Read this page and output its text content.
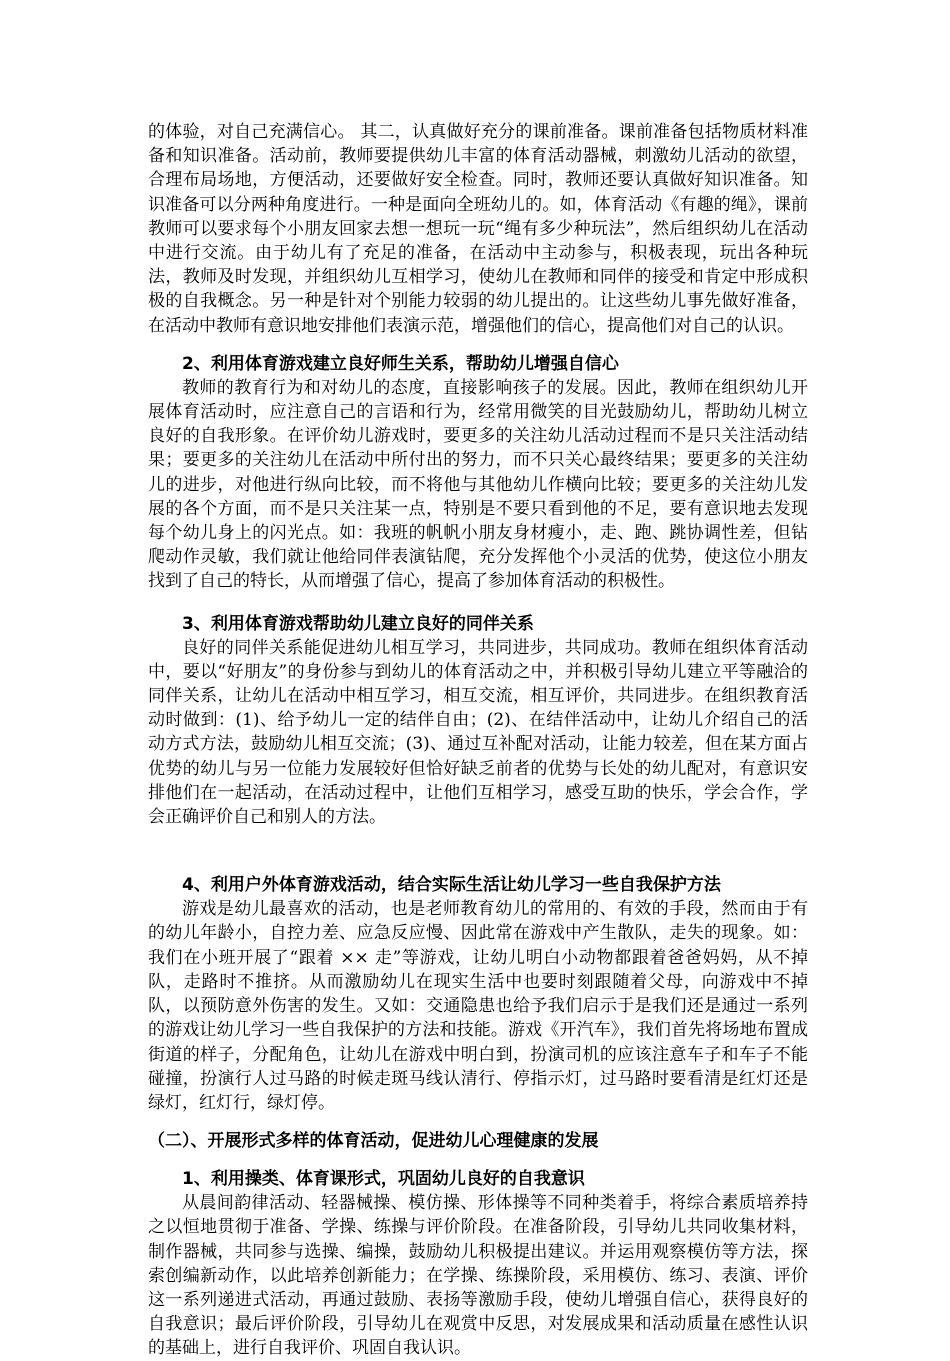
的体验，对自己充满信心。 其二，认真做好充分的课前准备。课前准备包括物质材料准备和知识准备。活动前，教师要提供幼儿丰富的体育活动器械，刺激幼儿活动的欲望，合理布局场地，方便活动，还要做好安全检查。同时，教师还要认真做好知识准备。知识准备可以分两种角度进行。一种是面向全班幼儿的。如，体育活动《有趣的绳》，课前教师可以要求每个小朋友回家去想一想玩一玩“绳有多少种玩法”，然后组织幼儿在活动中进行交流。由于幼儿有了充足的准备，在活动中主动参与，积极表现，玩出各种玩法，教师及时发现，并组织幼儿互相学习，使幼儿在教师和同伴的接受和肯定中形成积极的自我概念。另一种是针对个别能力较弱的幼儿提出的。让这些幼儿事先做好准备，在活动中教师有意识地安排他们表演示范，增强他们的信心，提高他们对自己的认识。

2、利用体育游戏建立良好师生关系，帮助幼儿增强自信心

教师的教育行为和对幼儿的态度，直接影响孩子的发展。因此，教师在组织幼儿开展体育活动时，应注意自己的言语和行为，经常用微笑的目光鼓励幼儿，帮助幼儿树立良好的自我形象。在评价幼儿游戏时，要更多的关注幼儿活动过程而不是只关注活动结果；要更多的关注幼儿在活动中所付出的努力，而不只关心最终结果；要更多的关注幼儿的进步，对他进行纵向比较，而不将他与其他幼儿作横向比较；要更多的关注幼儿发展的各个方面，而不是只关注某一点，特别是不要只看到他的不足，要有意识地去发现每个幼儿身上的闪光点。如：我班的帆帆小朋友身材瘦小，走、跑、跳协调性差，但钻爬动作灵敏，我们就让他给同伴表演钻爬，充分发挥他个小灵活的优势，使这位小朋友找到了自己的特长，从而增强了信心，提高了参加体育活动的积极性。

3、利用体育游戏帮助幼儿建立良好的同伴关系

良好的同伴关系能促进幼儿相互学习，共同进步，共同成功。教师在组织体育活动中，要以“好朋友”的身份参与到幼儿的体育活动之中，并积极引导幼儿建立平等融洽的同伴关系，让幼儿在活动中相互学习，相互交流，相互评价，共同进步。在组织教育活动时做到：(1)、给予幼儿一定的结伴自由；(2)、在结伴活动中，让幼儿介绍自己的活动方式方法，鼓励幼儿相互交流；(3)、通过互补配对活动，让能力较差，但在某方面占优势的幼儿与另一位能力发展较好但恰好缺乏前者的优势与长处的幼儿配对，有意识安排他们在一起活动，在活动过程中，让他们互相学习，感受互助的快乐，学会合作，学会正确评价自己和别人的方法。

4、利用户外体育游戏活动，结合实际生活让幼儿学习一些自我保护方法

游戏是幼儿最喜欢的活动，也是老师教育幼儿的常用的、有效的手段，然而由于有的幼儿年龄小，自控力差、应急反应慢、因此常在游戏中产生散队，走失的现象。如：我们在小班开展了“跟着 ×× 走”等游戏，让幼儿明白小动物都跟着爸爸妈妈，从不掉队，走路时不推挤。从而激励幼儿在现实生活中也要时刻跟随着父母，向游戏中不掉队，以预防意外伤害的发生。又如：交通隐患也给予我们启示于是我们还是通过一系列的游戏让幼儿学习一些自我保护的方法和技能。游戏《开汽车》，我们首先将场地布置成街道的样子，分配角色，让幼儿在游戏中明白到，扮演司机的应该注意车子和车子不能碰撞，扮演行人过马路的时候走斑马线认清行、停指示灯，过马路时要看清是红灯还是绿灯，红灯行，绿灯停。

（二）、开展形式多样的体育活动，促进幼儿心理健康的发展
1、利用操类、体育课形式，巩固幼儿良好的自我意识

从晨间韵律活动、轻器械操、模仿操、形体操等不同种类着手，将综合素质培养持之以恒地贯彻于准备、学操、练操与评价阶段。在准备阶段，引导幼儿共同收集材料，制作器械，共同参与选操、编操，鼓励幼儿积极提出建议。并运用观察模仿等方法，探索创编新动作，以此培养创新能力；在学操、练操阶段，采用模仿、练习、表演、评价这一系列递进式活动，再通过鼓励、表扬等激励手段，使幼儿增强自信心，获得良好的自我意识；最后评价阶段，引导幼儿在观赏中反思，对发展成果和活动质量在感性认识的基础上，进行自我评价、巩固自我认识。
